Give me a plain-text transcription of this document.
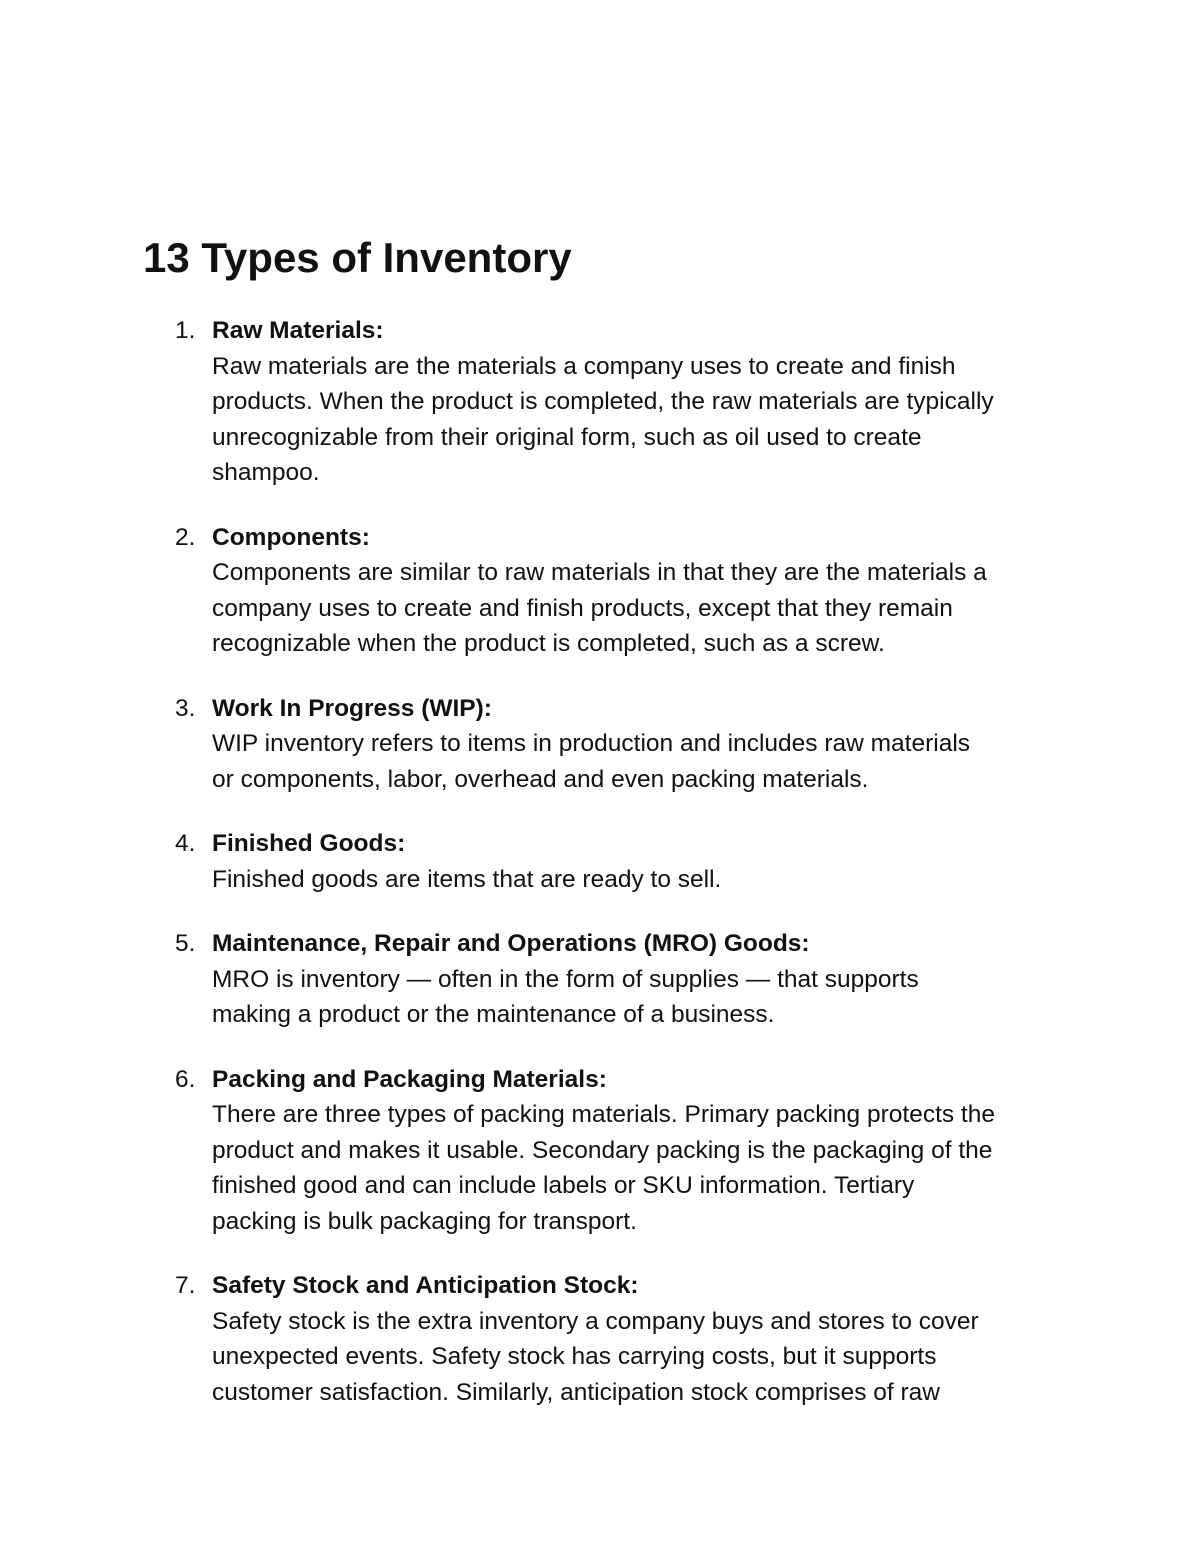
13 Types of Inventory
1. Raw Materials:
Raw materials are the materials a company uses to create and finish
products. When the product is completed, the raw materials are typically
unrecognizable from their original form, such as oil used to create
shampoo.
2. Components:
Components are similar to raw materials in that they are the materials a
company uses to create and finish products, except that they remain
recognizable when the product is completed, such as a screw.
3. Work In Progress (WIP):
WIP inventory refers to items in production and includes raw materials
or components, labor, overhead and even packing materials.
4. Finished Goods:
Finished goods are items that are ready to sell.
5. Maintenance, Repair and Operations (MRO) Goods:
MRO is inventory — often in the form of supplies — that supports
making a product or the maintenance of a business.
6. Packing and Packaging Materials:
There are three types of packing materials. Primary packing protects the
product and makes it usable. Secondary packing is the packaging of the
finished good and can include labels or SKU information. Tertiary
packing is bulk packaging for transport.
7. Safety Stock and Anticipation Stock:
Safety stock is the extra inventory a company buys and stores to cover
unexpected events. Safety stock has carrying costs, but it supports
customer satisfaction. Similarly, anticipation stock comprises of raw
